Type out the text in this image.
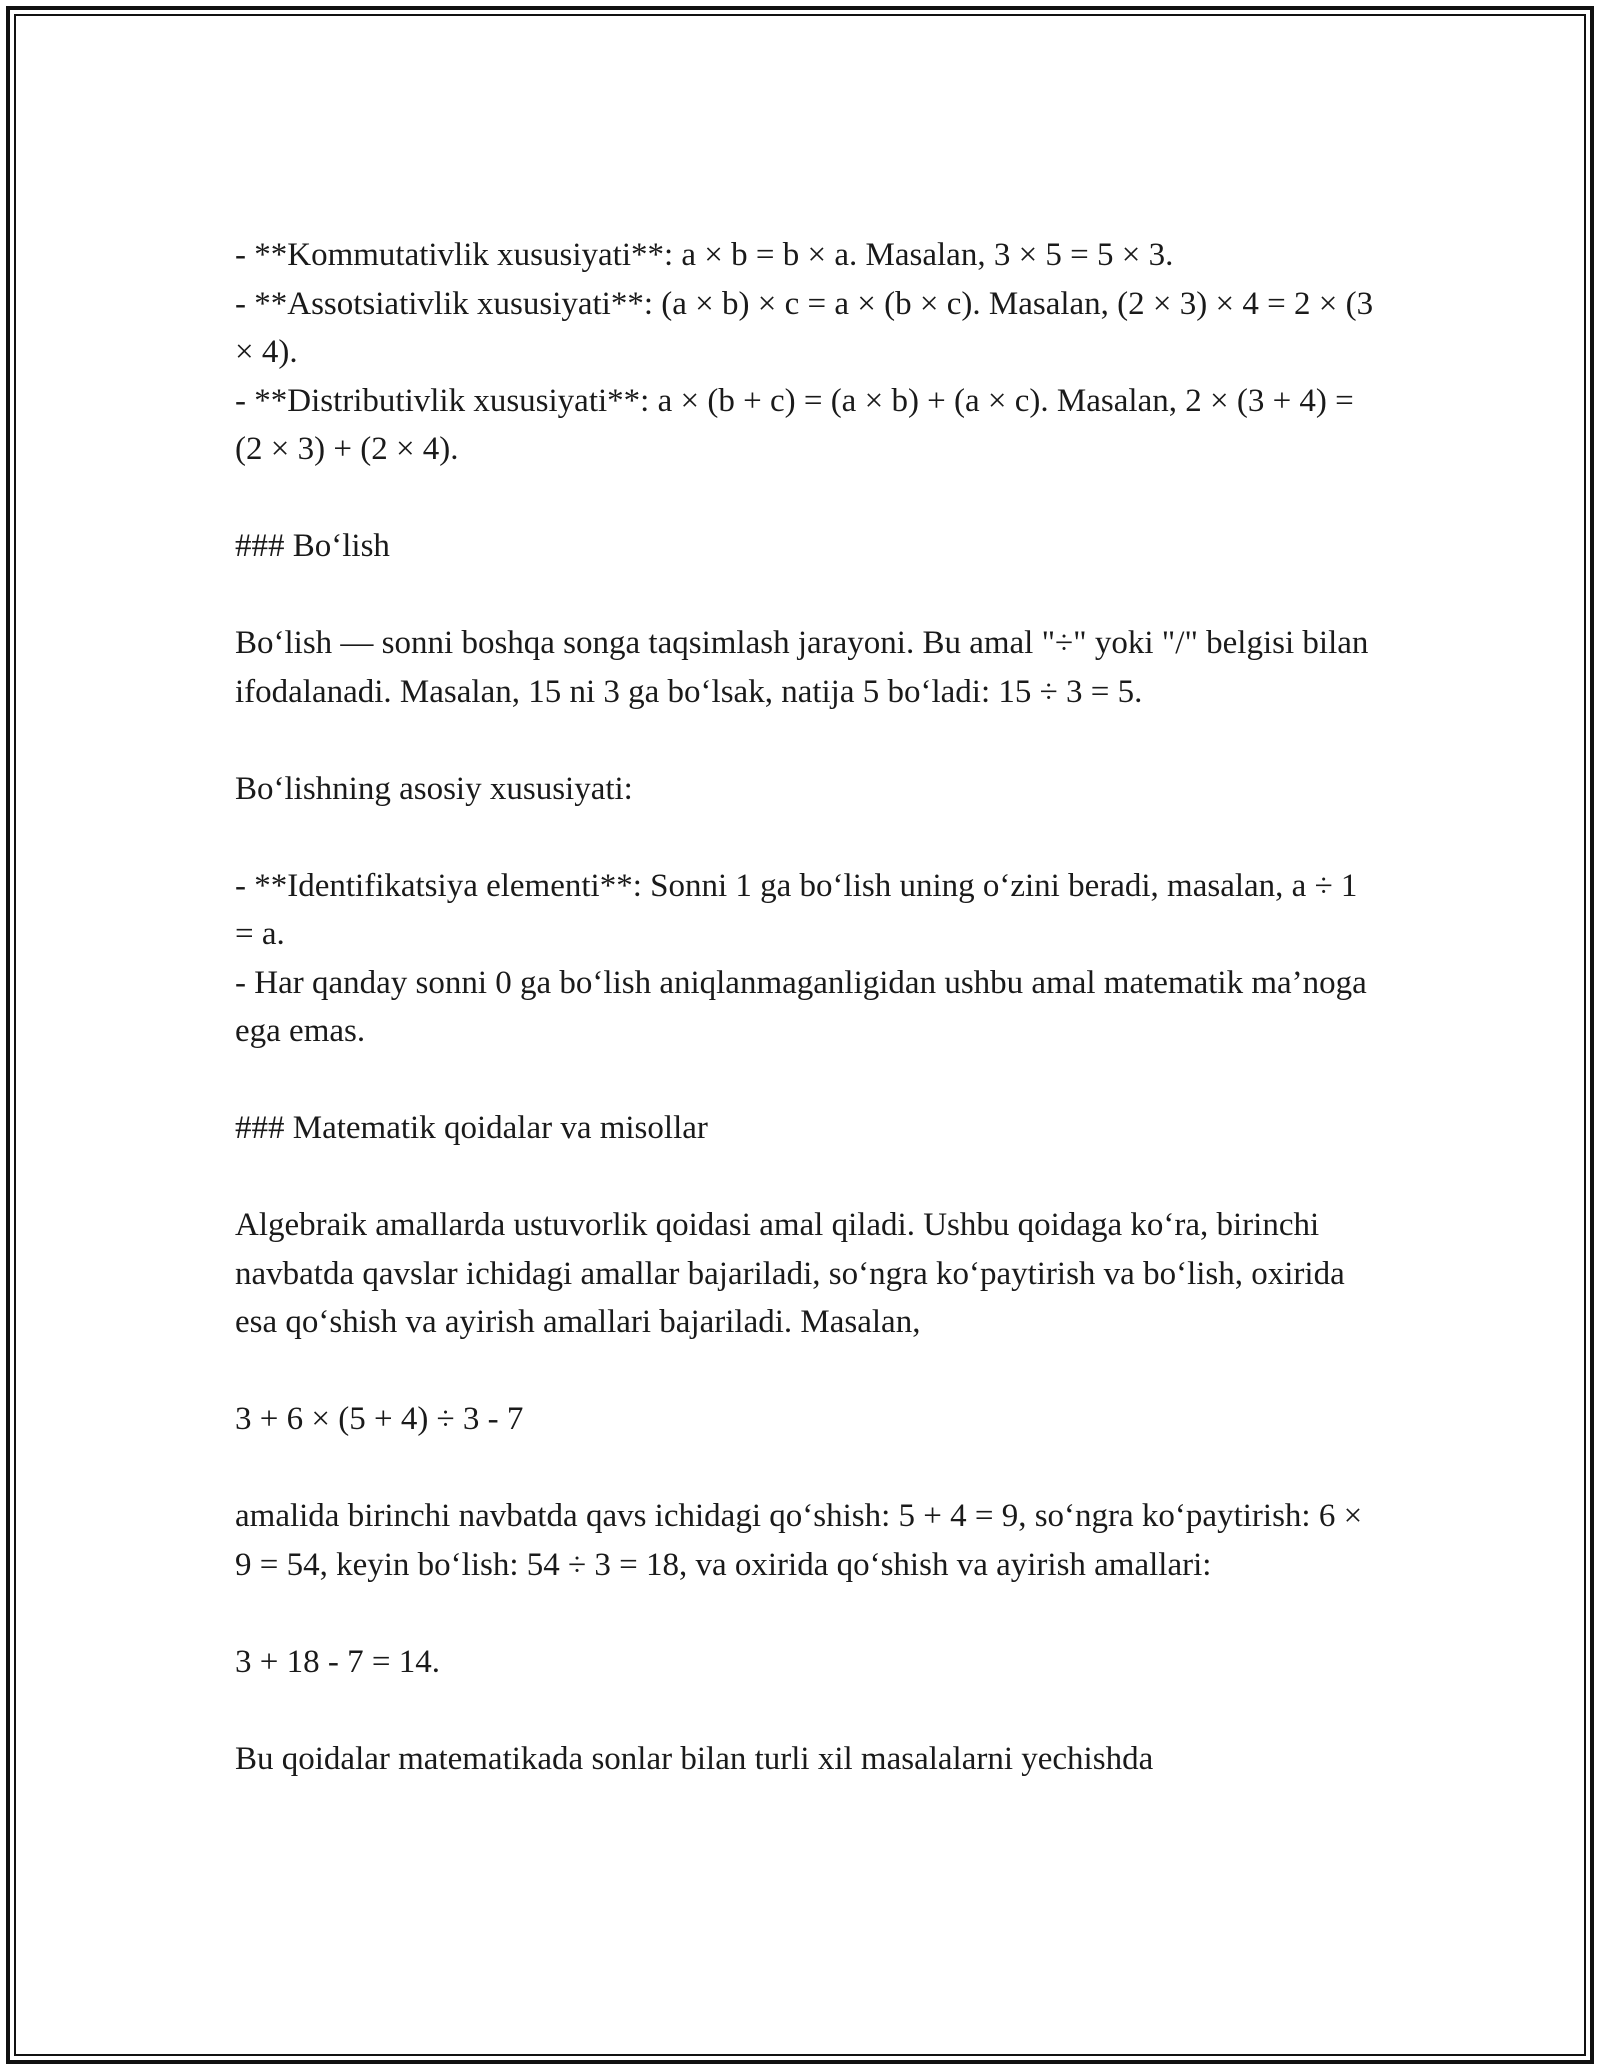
- **Kommutativlik xususiyati**: a × b = b × a. Masalan, 3 × 5 = 5 × 3.

- **Assotsiativlik xususiyati**: (a × b) × c = a × (b × c). Masalan, (2 × 3) × 4 = 2 × (3 × 4).

- **Distributivlik xususiyati**: a × (b + c) = (a × b) + (a × c). Masalan, 2 × (3 + 4) = (2 × 3) + (2 × 4).

### Bo‘lish

Bo‘lish — sonni boshqa songa taqsimlash jarayoni. Bu amal "÷" yoki "/" belgisi bilan ifodalanadi. Masalan, 15 ni 3 ga bo‘lsak, natija 5 bo‘ladi: 15 ÷ 3 = 5.

Bo‘lishning asosiy xususiyati:

- **Identifikatsiya elementi**: Sonni 1 ga bo‘lish uning o‘zini beradi, masalan, a ÷ 1 = a.

- Har qanday sonni 0 ga bo‘lish aniqlanmaganligidan ushbu amal matematik ma’noga ega emas.

### Matematik qoidalar va misollar

Algebraik amallarda ustuvorlik qoidasi amal qiladi. Ushbu qoidaga ko‘ra, birinchi navbatda qavslar ichidagi amallar bajariladi, so‘ngra ko‘paytirish va bo‘lish, oxirida esa qo‘shish va ayirish amallari bajariladi. Masalan,

3 + 6 × (5 + 4) ÷ 3 - 7

amalida birinchi navbatda qavs ichidagi qo‘shish: 5 + 4 = 9, so‘ngra ko‘paytirish: 6 × 9 = 54, keyin bo‘lish: 54 ÷ 3 = 18, va oxirida qo‘shish va ayirish amallari:

3 + 18 - 7 = 14.

Bu qoidalar matematikada sonlar bilan turli xil masalalarni yechishda
